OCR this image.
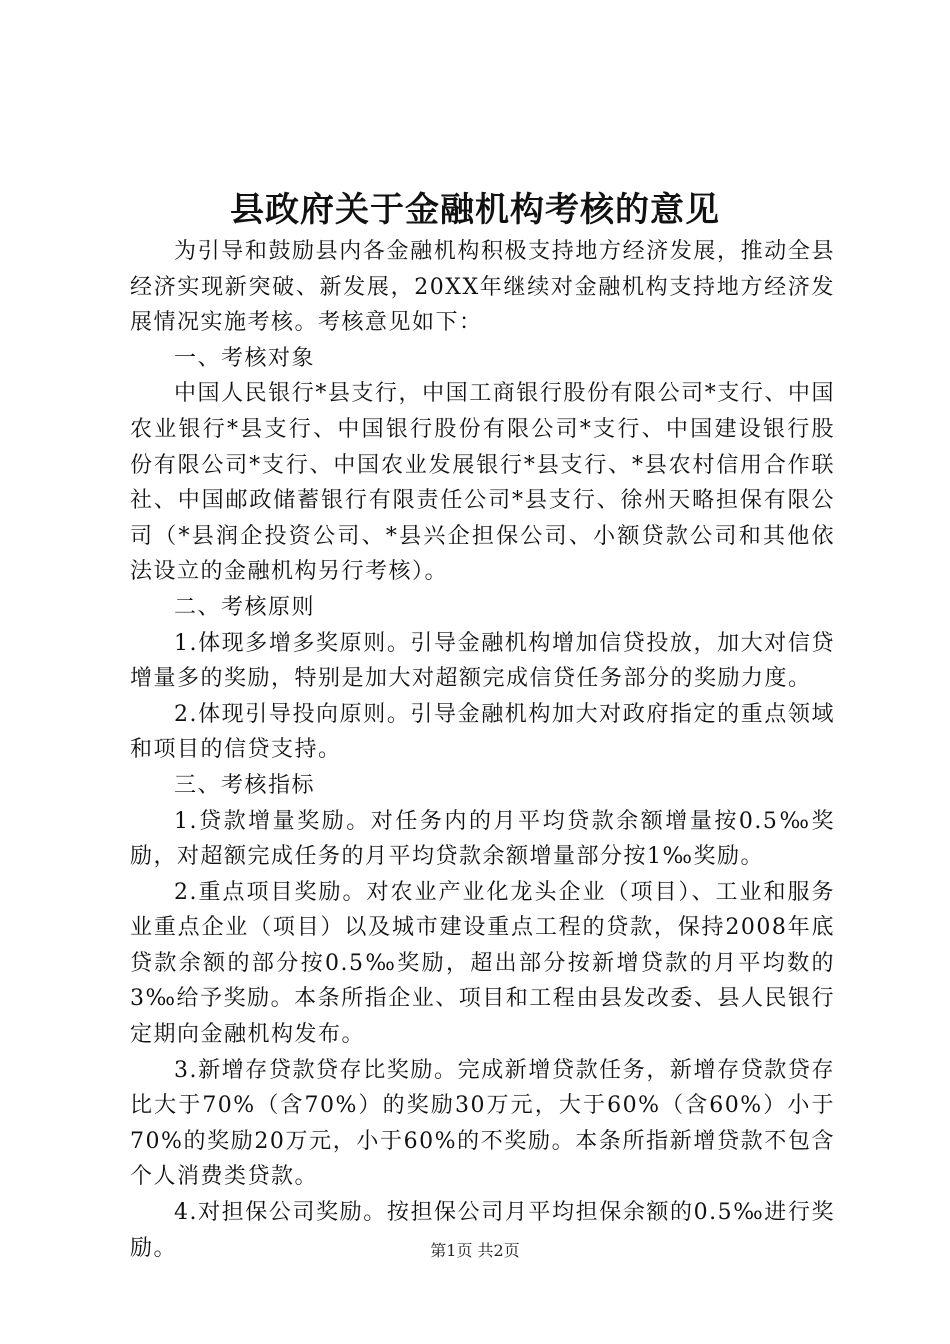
县政府关于金融机构考核的意见

为引导和鼓励县内各金融机构积极支持地方经济发展，推动全县经济实现新突破、新发展，20XX年继续对金融机构支持地方经济发展情况实施考核。考核意见如下：

一、考核对象

中国人民银行*县支行，中国工商银行股份有限公司*支行、中国农业银行*县支行、中国银行股份有限公司*支行、中国建设银行股份有限公司*支行、中国农业发展银行*县支行、*县农村信用合作联社、中国邮政储蓄银行有限责任公司*县支行、徐州天略担保有限公司（*县润企投资公司、*县兴企担保公司、小额贷款公司和其他依法设立的金融机构另行考核）。

二、考核原则

1.体现多增多奖原则。引导金融机构增加信贷投放，加大对信贷增量多的奖励，特别是加大对超额完成信贷任务部分的奖励力度。

2.体现引导投向原则。引导金融机构加大对政府指定的重点领域和项目的信贷支持。

三、考核指标

1.贷款增量奖励。对任务内的月平均贷款余额增量按0.5‰奖励，对超额完成任务的月平均贷款余额增量部分按1‰奖励。

2.重点项目奖励。对农业产业化龙头企业（项目）、工业和服务业重点企业（项目）以及城市建设重点工程的贷款，保持2008年底贷款余额的部分按0.5‰奖励，超出部分按新增贷款的月平均数的3‰给予奖励。本条所指企业、项目和工程由县发改委、县人民银行定期向金融机构发布。

3.新增存贷款贷存比奖励。完成新增贷款任务，新增存贷款贷存比大于70%（含70%）的奖励30万元，大于60%（含60%）小于70%的奖励20万元，小于60%的不奖励。本条所指新增贷款不包含个人消费类贷款。

4.对担保公司奖励。按担保公司月平均担保余额的0.5‰进行奖励。	第1页 共2页
